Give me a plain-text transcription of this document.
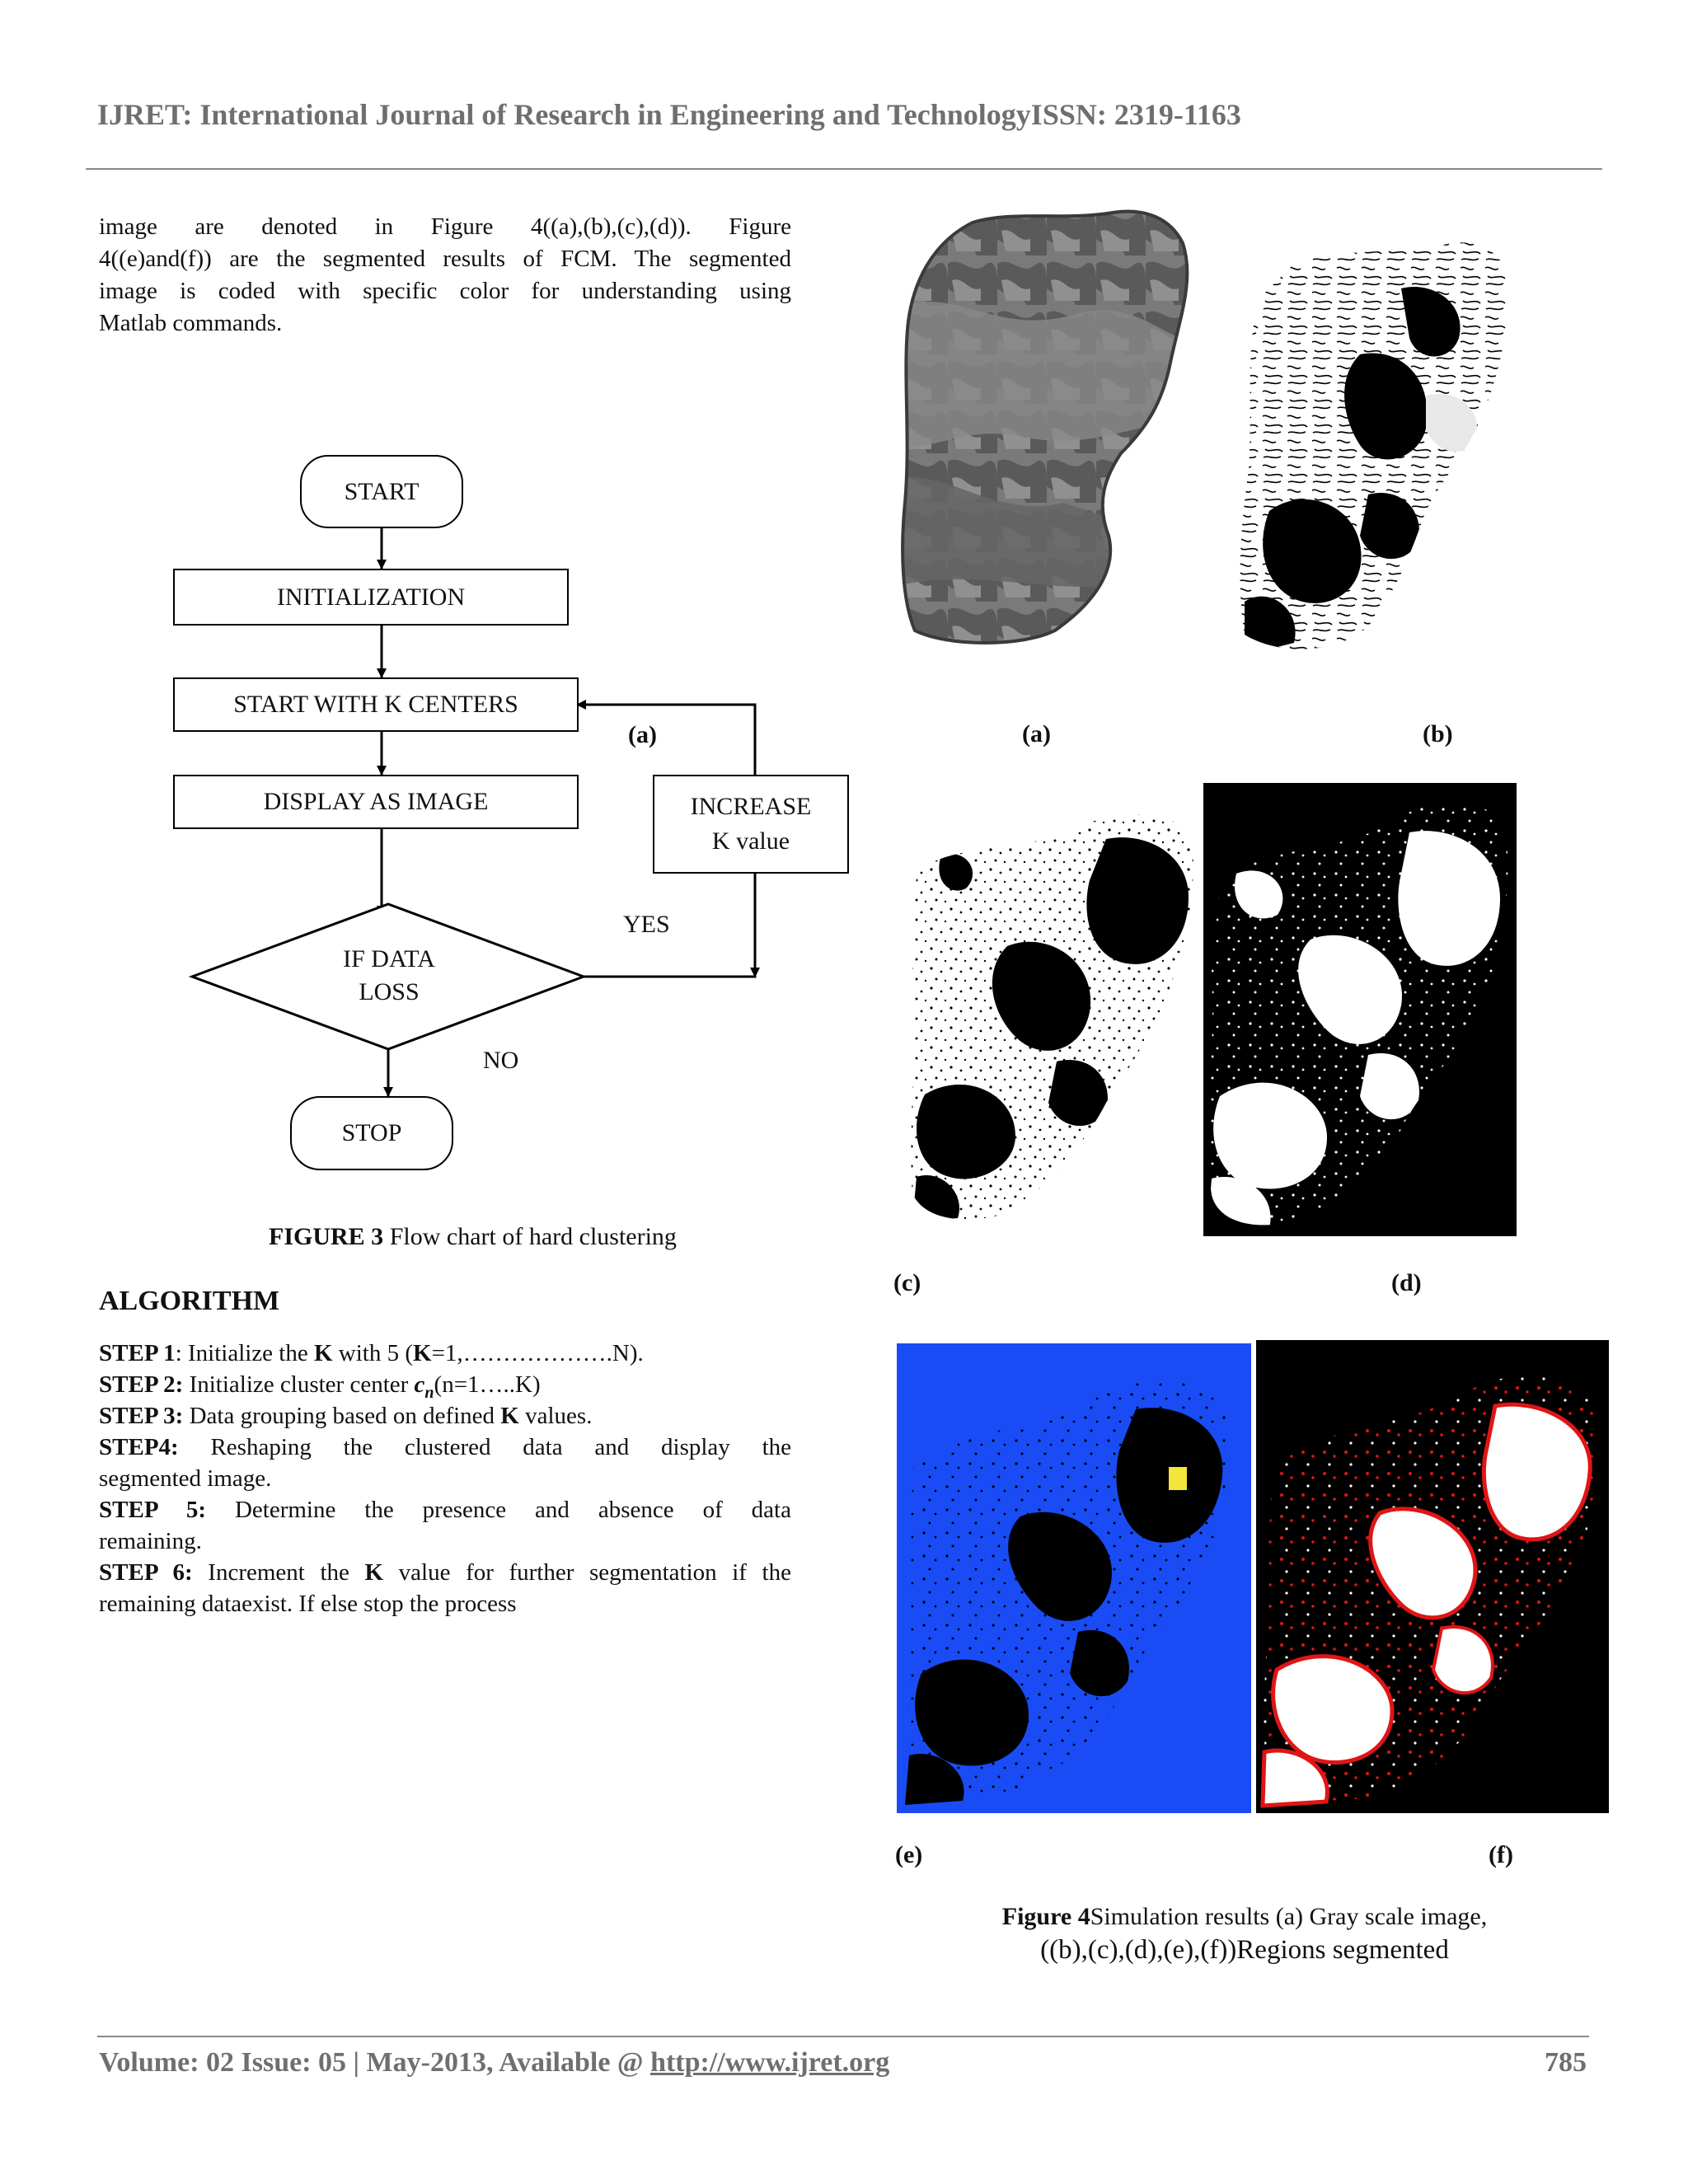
IJRET: International Journal of Research in Engineering and TechnologyISSN: 2319-1163
image are denoted in Figure 4((a),(b),(c),(d)). Figure
4((e)and(f)) are the segmented results of FCM. The segmented
image is coded with specific color for understanding using
Matlab commands.
START
INITIALIZATION
START WITH K CENTERS
DISPLAY AS IMAGE	INCREASE
K value
IF DATA
LOSS
STOP
YES
NO
(a)
FIGURE 3 Flow chart of hard clustering
ALGORITHM
STEP 1: Initialize the K with 5 (K=1,……………….N).
STEP 2: Initialize cluster center $c_n(n=1\dots..K)$
STEP 3: Data grouping based on defined K values.
STEP4: Reshaping the clustered data and display the
segmented image.
STEP 5: Determine the presence and absence of data
remaining.
STEP 6: Increment the K value for further segmentation if the
remaining dataexist. If else stop the process
(a)	(b)
(c)	(d)
(e)	(f)
Figure 4Simulation results (a) Gray scale image,
((b),(c),(d),(e),(f))Regions segmented
Volume: 02 Issue: 05 | May-2013, Available @ http://www.ijret.org	785
